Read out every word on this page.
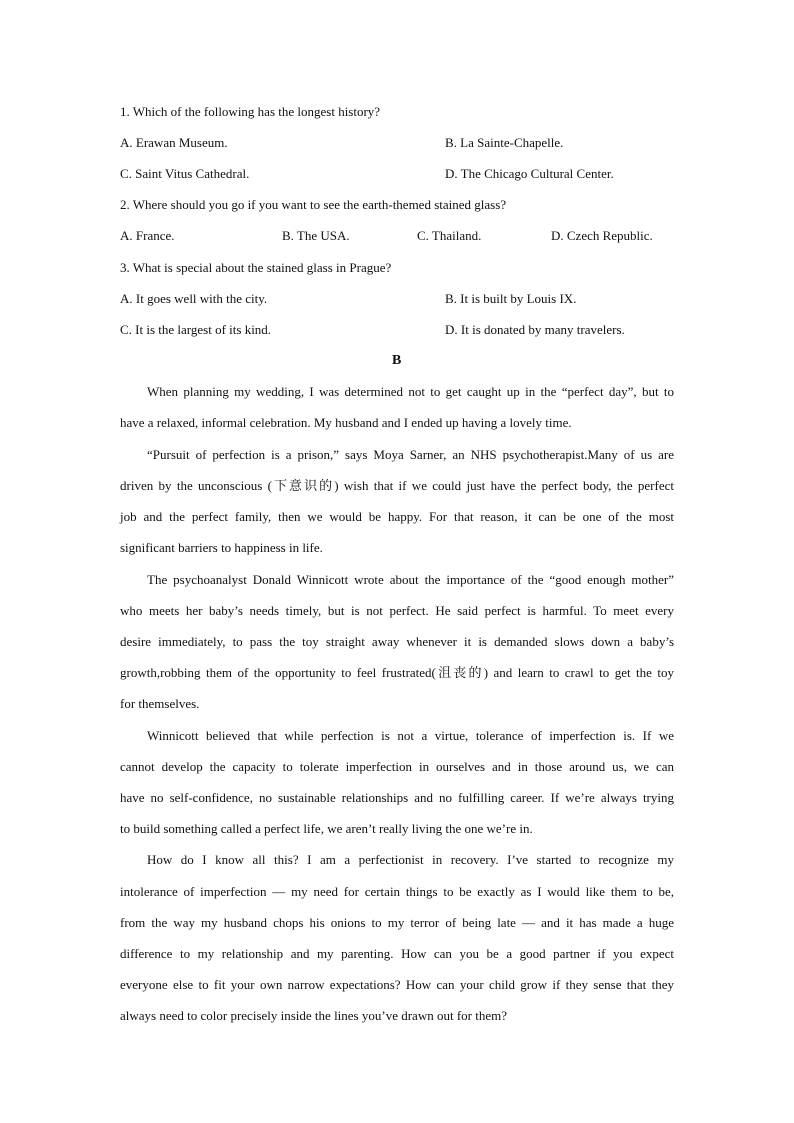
1. Which of the following has the longest history?
A. Erawan Museum.	B. La Sainte-Chapelle.
C. Saint Vitus Cathedral.	D. The Chicago Cultural Center.
2. Where should you go if you want to see the earth-themed stained glass?
A. France.	B. The USA.	C. Thailand.	D. Czech Republic.
3. What is special about the stained glass in Prague?
A. It goes well with the city.	B. It is built by Louis IX.
C. It is the largest of its kind.	D. It is donated by many travelers.
B
When planning my wedding, I was determined not to get caught up in the “perfect day”, but to
have a relaxed, informal celebration. My husband and I ended up having a lovely time.
“Pursuit of perfection is a prison,” says Moya Sarner, an NHS psychotherapist.Many of us are
driven by the unconscious (下意识的) wish that if we could just have the perfect body, the perfect
job and the perfect family, then we would be happy. For that reason, it can be one of the most
significant barriers to happiness in life.
The psychoanalyst Donald Winnicott wrote about the importance of the “good enough mother”
who meets her baby’s needs timely, but is not perfect. He said perfect is harmful. To meet every
desire immediately, to pass the toy straight away whenever it is demanded slows down a baby’s
growth,robbing them of the opportunity to feel frustrated(沮丧的) and learn to crawl to get the toy
for themselves.
Winnicott believed that while perfection is not a virtue, tolerance of imperfection is. If we
cannot develop the capacity to tolerate imperfection in ourselves and in those around us, we can
have no self-confidence, no sustainable relationships and no fulfilling career. If we’re always trying
to build something called a perfect life, we aren’t really living the one we’re in.
How do I know all this? I am a perfectionist in recovery. I’ve started to recognize my
intolerance of imperfection — my need for certain things to be exactly as I would like them to be,
from the way my husband chops his onions to my terror of being late — and it has made a huge
difference to my relationship and my parenting. How can you be a good partner if you expect
everyone else to fit your own narrow expectations? How can your child grow if they sense that they
always need to color precisely inside the lines you’ve drawn out for them?
